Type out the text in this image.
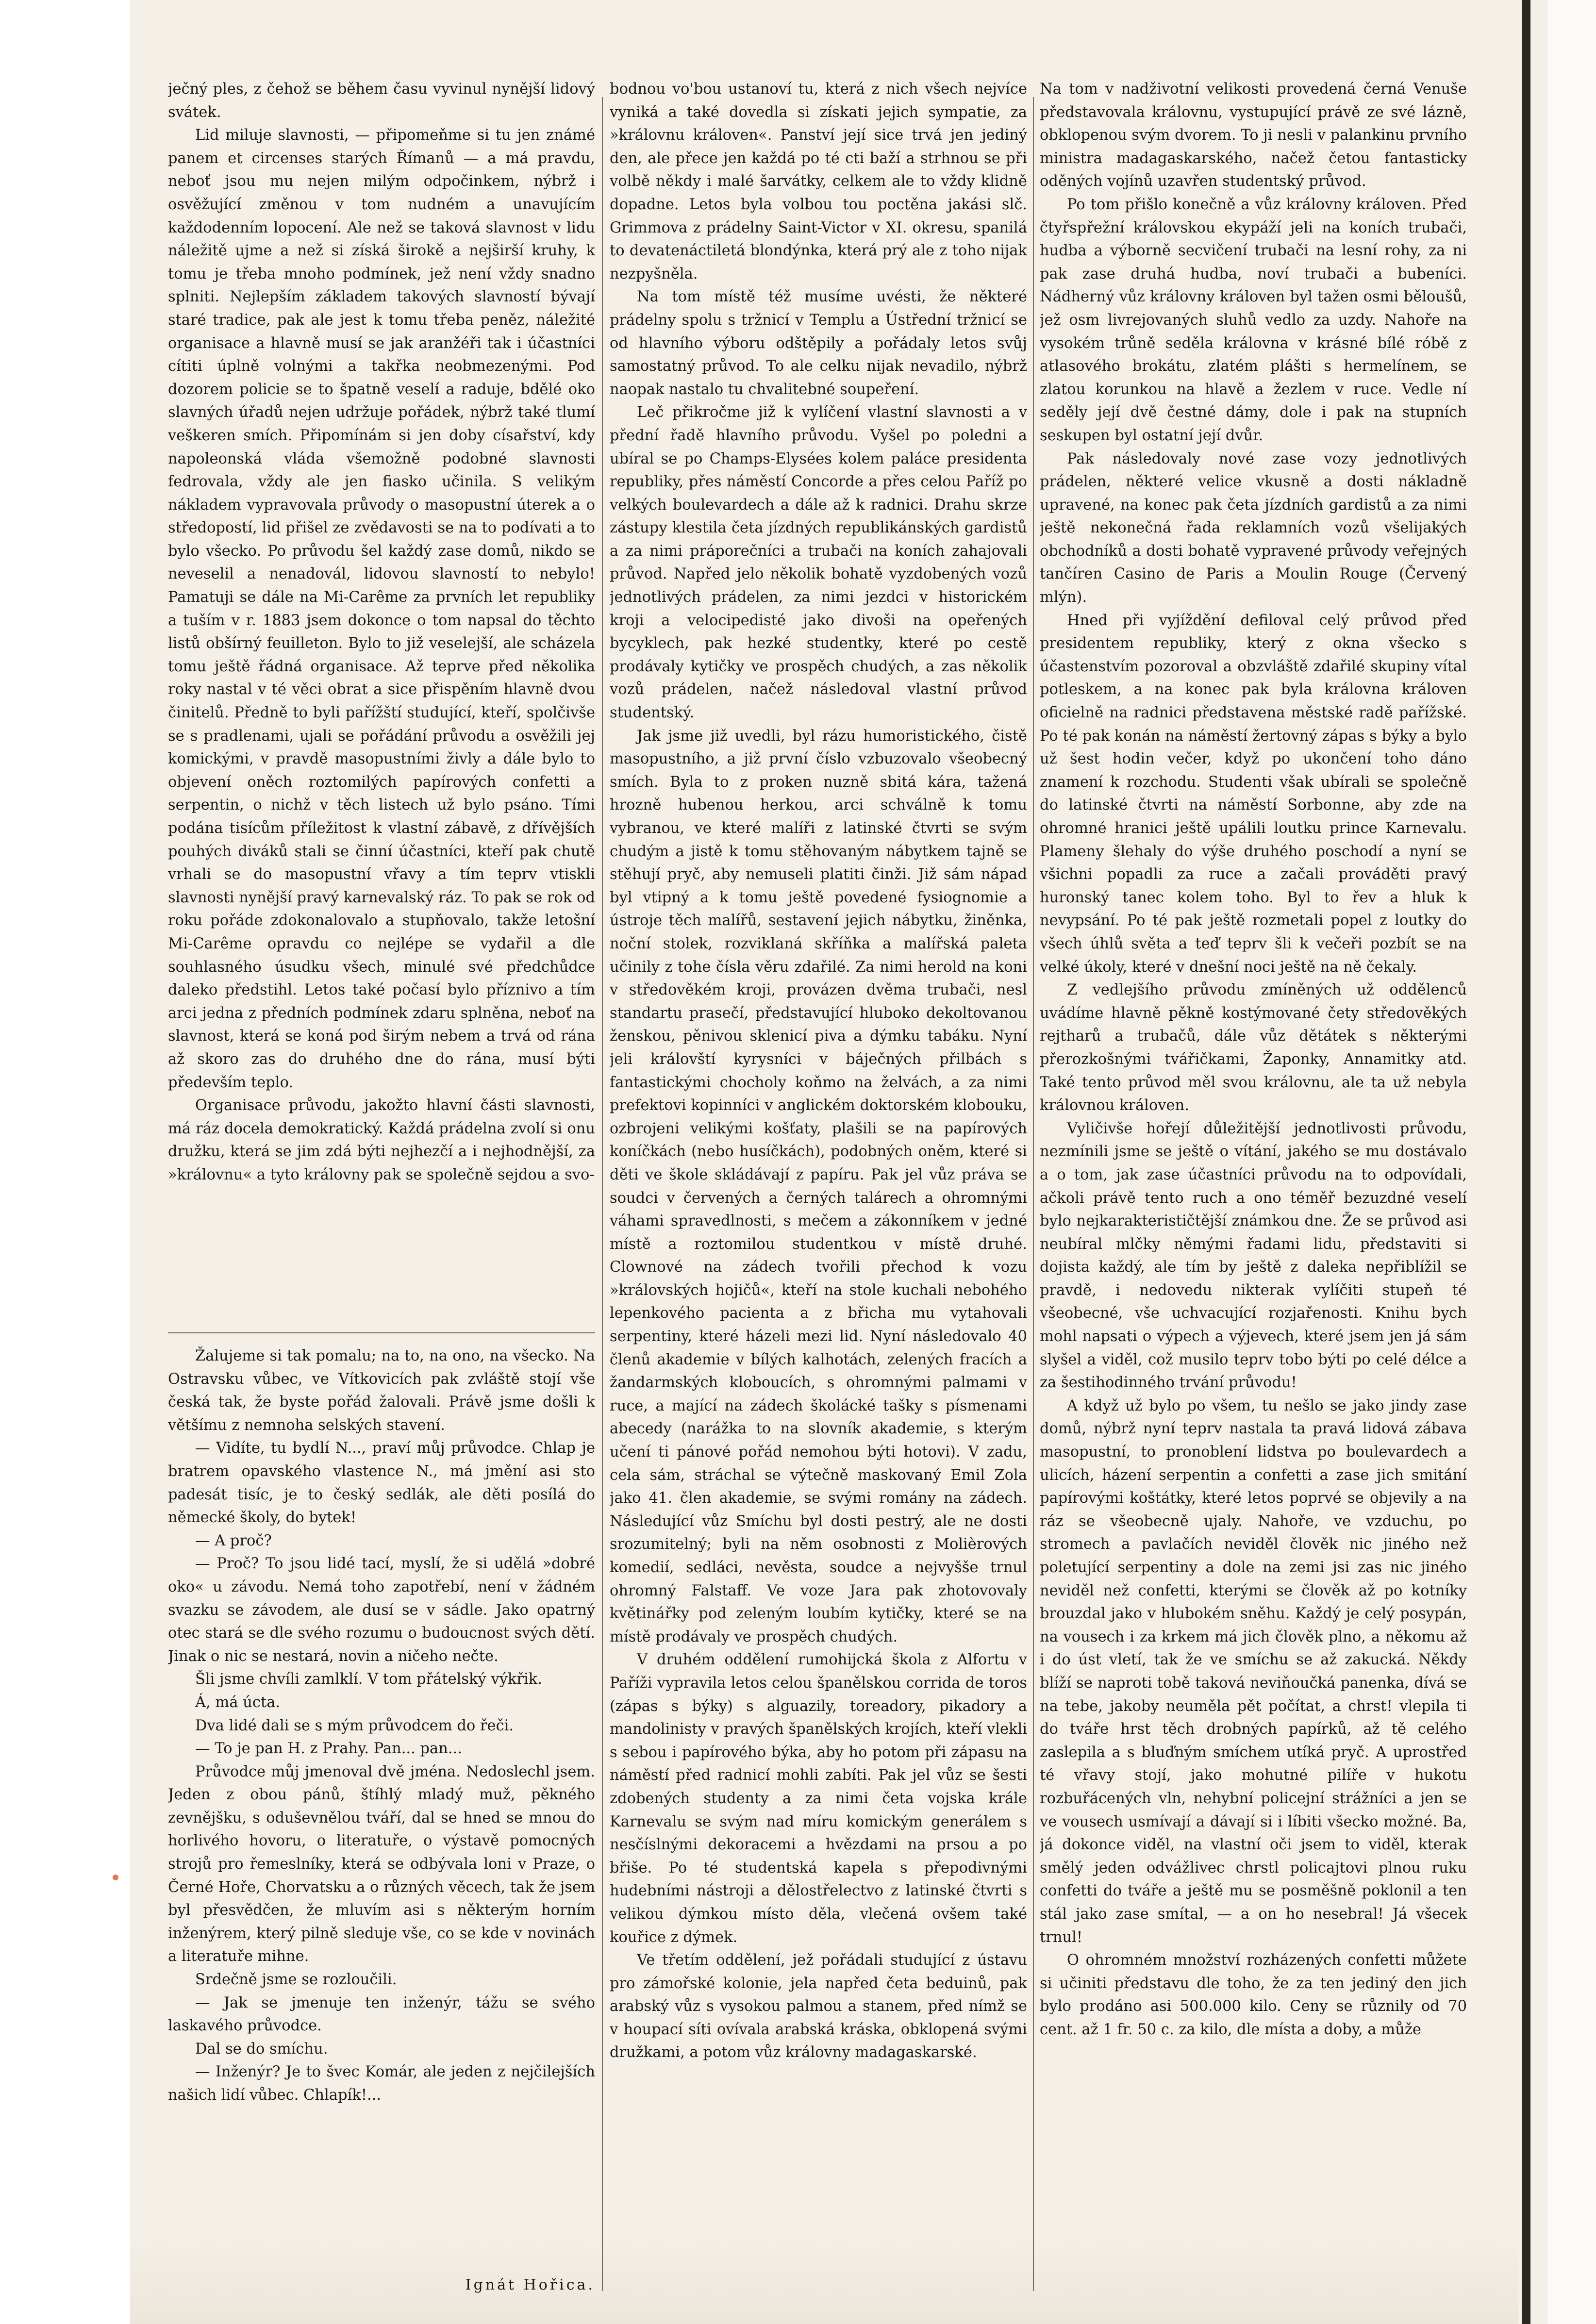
ječný ples, z čehož se během času vyvinul nynější lidový svátek.

Lid miluje slavnosti, — připomeňme si tu jen známé panem et circenses starých Římanů — a má pravdu, neboť jsou mu nejen milým odpočinkem, nýbrž i osvěžující změnou v tom nudném a unavujícím každodenním lopocení. Ale než se taková slavnost v lidu náležitě ujme a než si získá širokě a nejširší kruhy, k tomu je třeba mnoho podmínek, jež není vždy snadno splniti. Nejlepším základem takových slavností bývají staré tradice, pak ale jest k tomu třeba peněz, náležité organisace a hlavně musí se jak aranžéři tak i účastníci cítiti úplně volnými a takřka neobmezenými. Pod dozorem policie se to špatně veselí a raduje, bdělé oko slavných úřadů nejen udržuje pořádek, nýbrž také tlumí veškeren smích. Připomínám si jen doby císařství, kdy napoleonská vláda všemožně podobné slavnosti fedrovala, vždy ale jen fiasko učinila. S velikým nákladem vypravovala průvody o masopustní úterek a o středopostí, lid přišel ze zvědavosti se na to podívati a to bylo všecko. Po průvodu šel každý zase domů, nikdo se neveselil a nenadovál, lidovou slavností to nebylo! Pamatuji se dále na Mi-Carême za prvních let republiky a tuším v r. 1883 jsem dokonce o tom napsal do těchto listů obšírný feuilleton. Bylo to již veselejší, ale scházela tomu ještě řádná organisace. Až teprve před několika roky nastal v té věci obrat a sice přispěním hlavně dvou činitelů. Předně to byli pařížští studující, kteří, spolčivše se s pradlenami, ujali se pořádání průvodu a osvěžili jej komickými, v pravdě masopustními živly a dále bylo to objevení oněch roztomilých papírových confetti a serpentin, o nichž v těch listech už bylo psáno. Tími podána tisícům příležitost k vlastní zábavě, z dřívějších pouhých diváků stali se činní účastníci, kteří pak chutě vrhali se do masopustní vřavy a tím teprv vtiskli slavnosti nynější pravý karnevalský ráz. To pak se rok od roku pořáde zdokonalovalo a stupňovalo, takže letošní Mi-Carême opravdu co nejlépe se vydařil a dle souhlasného úsudku všech, minulé své předchůdce daleko předstihl. Letos také počasí bylo příznivo a tím arci jedna z předních podmínek zdaru splněna, neboť na slavnost, která se koná pod širým nebem a trvá od rána až skoro zas do druhého dne do rána, musí býti především teplo.

Organisace průvodu, jakožto hlavní části slavnosti, má ráz docela demokratický. Každá prádelna zvolí si onu družku, která se jim zdá býti nejhezčí a i nejhodnější, za »královnu« a tyto královny pak se společně sejdou a svo-

Žalujeme si tak pomalu; na to, na ono, na všecko. Na Ostravsku vůbec, ve Vítkovicích pak zvláště stojí vše česká tak, že byste pořád žalovali. Právě jsme došli k většímu z nemnoha selských stavení.

— Vidíte, tu bydlí N..., praví můj průvodce. Chlap je bratrem opavského vlastence N., má jmění asi sto padesát tisíc, je to český sedlák, ale děti posílá do německé školy, do bytek!

— A proč?

— Proč? To jsou lidé tací, myslí, že si udělá »dobré oko« u závodu. Nemá toho zapotřebí, není v žádném svazku se závodem, ale dusí se v sádle. Jako opatrný otec stará se dle svého rozumu o budoucnost svých dětí. Jinak o nic se nestará, novin a ničeho nečte.

Šli jsme chvíli zamlklí. V tom přátelský výkřik.

Á, má úcta.

Dva lidé dali se s mým průvodcem do řeči.

— To je pan H. z Prahy. Pan... pan...

Průvodce můj jmenoval dvě jména. Nedoslechl jsem. Jeden z obou pánů, štíhlý mladý muž, pěkného zevnějšku, s oduševnělou tváří, dal se hned se mnou do horlivého hovoru, o literatuře, o výstavě pomocných strojů pro řemeslníky, která se odbývala loni v Praze, o Černé Hoře, Chorvatsku a o různých věcech, tak že jsem byl přesvědčen, že mluvím asi s některým horním inženýrem, který pilně sleduje vše, co se kde v novinách a literatuře mihne.

Srdečně jsme se rozloučili.

— Jak se jmenuje ten inženýr, tážu se svého laskavého průvodce.

Dal se do smíchu.

— Inženýr? Je to švec Komár, ale jeden z nejčilejších našich lidí vůbec. Chlapík!...

Ignát Hořica.

bodnou vo'bou ustanoví tu, která z nich všech nejvíce vyniká a také dovedla si získati jejich sympatie, za »královnu královen«. Panství její sice trvá jen jediný den, ale přece jen každá po té cti baží a strhnou se při volbě někdy i malé šarvátky, celkem ale to vždy klidně dopadne. Letos byla volbou tou poctěna jakási slč. Grimmova z prádelny Saint-Victor v XI. okresu, spanilá to devatenáctiletá blondýnka, která prý ale z toho nijak nezpyšněla.

Na tom místě též musíme uvésti, že některé prádelny spolu s tržnicí v Templu a Ústřední tržnicí se od hlavního výboru odštěpily a pořádaly letos svůj samostatný průvod. To ale celku nijak nevadilo, nýbrž naopak nastalo tu chvalitebné soupeření.

Leč přikročme již k vylíčení vlastní slavnosti a v přední řadě hlavního průvodu. Vyšel po poledni a ubíral se po Champs-Elysées kolem paláce presidenta republiky, přes náměstí Concorde a přes celou Paříž po velkých boulevardech a dále až k radnici. Drahu skrze zástupy klestila četa jízdných republikánských gardistů a za nimi práporečníci a trubači na koních zahajovali průvod. Napřed jelo několik bohatě vyzdobených vozů jednotlivých prádelen, za nimi jezdci v historickém kroji a velocipedisté jako divoši na opeřených bycyklech, pak hezké studentky, které po cestě prodávaly kytičky ve prospěch chudých, a zas několik vozů prádelen, načež následoval vlastní průvod studentský.

Jak jsme již uvedli, byl rázu humoristického, čistě masopustního, a již první číslo vzbuzovalo všeobecný smích. Byla to z proken nuzně sbitá kára, tažená hrozně hubenou herkou, arci schválně k tomu vybranou, ve které malíři z latinské čtvrti se svým chudým a jistě k tomu stěhovaným nábytkem tajně se stěhují pryč, aby nemuseli platiti činži. Již sám nápad byl vtipný a k tomu ještě povedené fysiognomie a ústroje těch malířů, sestavení jejich nábytku, žiněnka, noční stolek, rozviklaná skříňka a malířská paleta učinily z tohe čísla věru zdařilé. Za nimi herold na koni v středověkém kroji, provázen dvěma trubači, nesl standartu prasečí, představující hluboko dekoltovanou ženskou, pěnivou sklenicí piva a dýmku tabáku. Nyní jeli královští kyrysníci v báječných přilbách s fantastickými chocholy koňmo na želvách, a za nimi prefektovi kopinníci v anglickém doktorském klobouku, ozbrojeni velikými košťaty, plašili se na papírových koníčkách (nebo husíčkách), podobných oněm, které si děti ve škole skládávají z papíru. Pak jel vůz práva se soudci v červených a černých talárech a ohromnými váhami spravedlnosti, s mečem a zákonníkem v jedné místě a roztomilou studentkou v místě druhé. Clownové na zádech tvořili přechod k vozu »královských hojičů«, kteří na stole kuchali nebohého lepenkového pacienta a z břicha mu vytahovali serpentiny, které házeli mezi lid. Nyní následovalo 40 členů akademie v bílých kalhotách, zelených fracích a žandarmských kloboucích, s ohromnými palmami v ruce, a mající na zádech školácké tašky s písmenami abecedy (narážka to na slovník akademie, s kterým učení ti pánové pořád nemohou býti hotovi). V zadu, cela sám, stráchal se výtečně maskovaný Emil Zola jako 41. člen akademie, se svými romány na zádech. Následující vůz Smíchu byl dosti pestrý, ale ne dosti srozumitelný; byli na něm osobnosti z Molièrových komedií, sedláci, nevěsta, soudce a nejvyšše trnul ohromný Falstaff. Ve voze Jara pak zhotovovaly květinářky pod zeleným loubím kytičky, které se na místě prodávaly ve prospěch chudých.

V druhém oddělení rumohijcká škola z Alfortu v Paříži vypravila letos celou španělskou corrida de toros (zápas s býky) s alguazily, toreadory, pikadory a mandolinisty v pravých španělských krojích, kteří vlekli s sebou i papírového býka, aby ho potom při zápasu na náměstí před radnicí mohli zabíti. Pak jel vůz se šesti zdobených studenty a za nimi četa vojska krále Karnevalu se svým nad míru komickým generálem s nesčíslnými dekoracemi a hvězdami na prsou a po břiše. Po té studentská kapela s přepodivnými hudebními nástroji a dělostřelectvo z latinské čtvrti s velikou dýmkou místo děla, vlečená ovšem také kouřice z dýmek.

Ve třetím oddělení, jež pořádali studující z ústavu pro zámořské kolonie, jela napřed četa beduinů, pak arabský vůz s vysokou palmou a stanem, před nímž se v houpací síti ovívala arabská kráska, obklopená svými družkami, a potom vůz královny madagaskarské.

Na tom v nadživotní velikosti provedená černá Venuše představovala královnu, vystupující právě ze své lázně, obklopenou svým dvorem. To ji nesli v palankinu prvního ministra madagaskarského, načež četou fantasticky oděných vojínů uzavřen studentský průvod.

Po tom přišlo konečně a vůz královny královen. Před čtyřspřežní královskou ekypáží jeli na koních trubači, hudba a výborně secvičení trubači na lesní rohy, za ni pak zase druhá hudba, noví trubači a bubeníci. Nádherný vůz královny královen byl tažen osmi běloušů, jež osm livrejovaných sluhů vedlo za uzdy. Nahoře na vysokém trůně seděla královna v krásné bílé róbě z atlasového brokátu, zlatém plášti s hermelínem, se zlatou korunkou na hlavě a žezlem v ruce. Vedle ní seděly její dvě čestné dámy, dole i pak na stupních seskupen byl ostatní její dvůr.

Pak následovaly nové zase vozy jednotlivých prádelen, některé velice vkusně a dosti nákladně upravené, na konec pak četa jízdních gardistů a za nimi ještě nekonečná řada reklamních vozů všelijakých obchodníků a dosti bohatě vypravené průvody veřejných tančíren Casino de Paris a Moulin Rouge (Červený mlýn).

Hned při vyjíždění defiloval celý průvod před presidentem republiky, který z okna všecko s účastenstvím pozoroval a obzvláště zdařilé skupiny vítal potleskem, a na konec pak byla královna královen oficielně na radnici představena městské radě pařížské. Po té pak konán na náměstí žertovný zápas s býky a bylo už šest hodin večer, když po ukončení toho dáno znamení k rozchodu. Studenti však ubírali se společně do latinské čtvrti na náměstí Sorbonne, aby zde na ohromné hranici ještě upálili loutku prince Karnevalu. Plameny šlehaly do výše druhého poschodí a nyní se všichni popadli za ruce a začali prováděti pravý huronský tanec kolem toho. Byl to řev a hluk k nevypsání. Po té pak ještě rozmetali popel z loutky do všech úhlů světa a teď teprv šli k večeři pozbít se na velké úkoly, které v dnešní noci ještě na ně čekaly.

Z vedlejšího průvodu zmíněných už oddělenců uvádíme hlavně pěkně kostýmované čety středověkých rejtharů a trubačů, dále vůz dětátek s některými přerozkošnými tvářičkami, Žaponky, Annamitky atd. Také tento průvod měl svou královnu, ale ta už nebyla královnou královen.

Vyličivše hořejí důležitější jednotlivosti průvodu, nezmínili jsme se ještě o vítání, jakého se mu dostávalo a o tom, jak zase účastníci průvodu na to odpovídali, ačkoli právě tento ruch a ono téměř bezuzdné veselí bylo nejkarakterističtější známkou dne. Že se průvod asi neubíral mlčky němými řadami lidu, představiti si dojista každý, ale tím by ještě z daleka nepřiblížil se pravdě, i nedovedu nikterak vylíčiti stupeň té všeobecné, vše uchvacující rozjařenosti. Knihu bych mohl napsati o výpech a výjevech, které jsem jen já sám slyšel a viděl, což musilo teprv tobo býti po celé délce a za šestihodinného trvání průvodu!

A když už bylo po všem, tu nešlo se jako jindy zase domů, nýbrž nyní teprv nastala ta pravá lidová zábava masopustní, to pronoblení lidstva po boulevardech a ulicích, házení serpentin a confetti a zase jich smitání papírovými koštátky, které letos poprvé se objevily a na ráz se všeobecně ujaly. Nahoře, ve vzduchu, po stromech a pavlačích neviděl člověk nic jiného než poletující serpentiny a dole na zemi jsi zas nic jiného neviděl než confetti, kterými se člověk až po kotníky brouzdal jako v hlubokém sněhu. Každý je celý posypán, na vousech i za krkem má jich člověk plno, a někomu až i do úst vletí, tak že ve smíchu se až zakucká. Někdy blíží se naproti tobě taková neviňoučká panenka, dívá se na tebe, jakoby neuměla pět počítat, a chrst! vlepila ti do tváře hrst těch drobných papírků, až tě celého zaslepila a s bluďným smíchem utíká pryč. A uprostřed té vřavy stojí, jako mohutné pilíře v hukotu rozbuřácených vln, nehybní policejní strážníci a jen se ve vousech usmívají a dávají si i líbiti všecko možné. Ba, já dokonce viděl, na vlastní oči jsem to viděl, kterak smělý jeden odvážlivec chrstl policajtovi plnou ruku confetti do tváře a ještě mu se posměšně poklonil a ten stál jako zase smítal, — a on ho nesebral! Já všecek trnul!

O ohromném množství rozházených confetti můžete si učiniti představu dle toho, že za ten jediný den jich bylo prodáno asi 500.000 kilo. Ceny se různily od 70 cent. až 1 fr. 50 c. za kilo, dle místa a doby, a může
